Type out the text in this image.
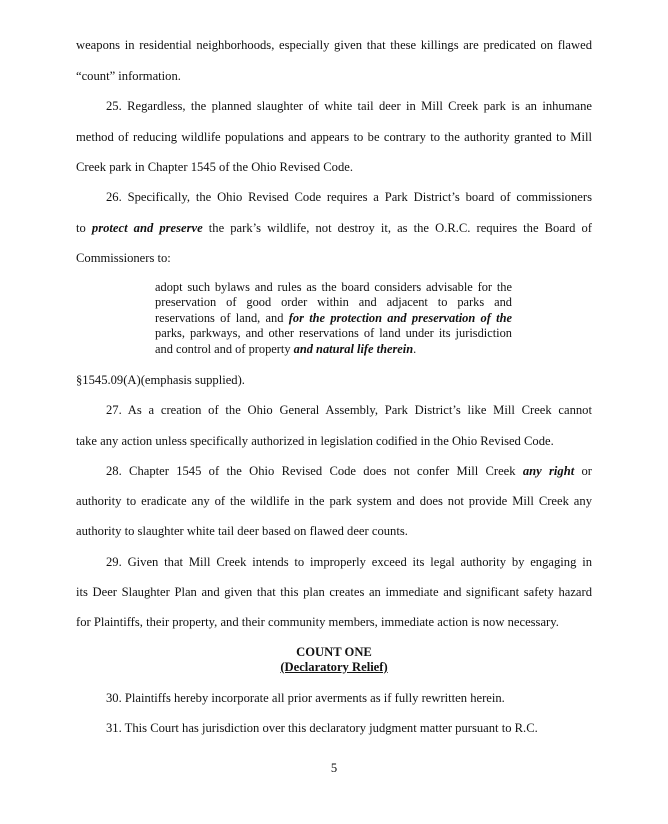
weapons in residential neighborhoods, especially given that these killings are predicated on flawed
“count” information.
25. Regardless, the planned slaughter of white tail deer in Mill Creek park is an inhumane
method of reducing wildlife populations and appears to be contrary to the authority granted to Mill
Creek park in Chapter 1545 of the Ohio Revised Code.
26. Specifically, the Ohio Revised Code requires a Park District’s board of commissioners
to protect and preserve the park’s wildlife, not destroy it, as the O.R.C. requires the Board of
Commissioners to:
adopt such bylaws and rules as the board considers advisable for the
preservation of good order within and adjacent to parks and
reservations of land, and for the protection and preservation of the
parks, parkways, and other reservations of land under its jurisdiction
and control and of property and natural life therein.
§1545.09(A)(emphasis supplied).
27. As a creation of the Ohio General Assembly, Park District’s like Mill Creek cannot
take any action unless specifically authorized in legislation codified in the Ohio Revised Code.
28. Chapter 1545 of the Ohio Revised Code does not confer Mill Creek any right or
authority to eradicate any of the wildlife in the park system and does not provide Mill Creek any
authority to slaughter white tail deer based on flawed deer counts.
29. Given that Mill Creek intends to improperly exceed its legal authority by engaging in
its Deer Slaughter Plan and given that this plan creates an immediate and significant safety hazard
for Plaintiffs, their property, and their community members, immediate action is now necessary.
COUNT ONE
(Declaratory Relief)
30. Plaintiffs hereby incorporate all prior averments as if fully rewritten herein.
31. This Court has jurisdiction over this declaratory judgment matter pursuant to R.C.
5
